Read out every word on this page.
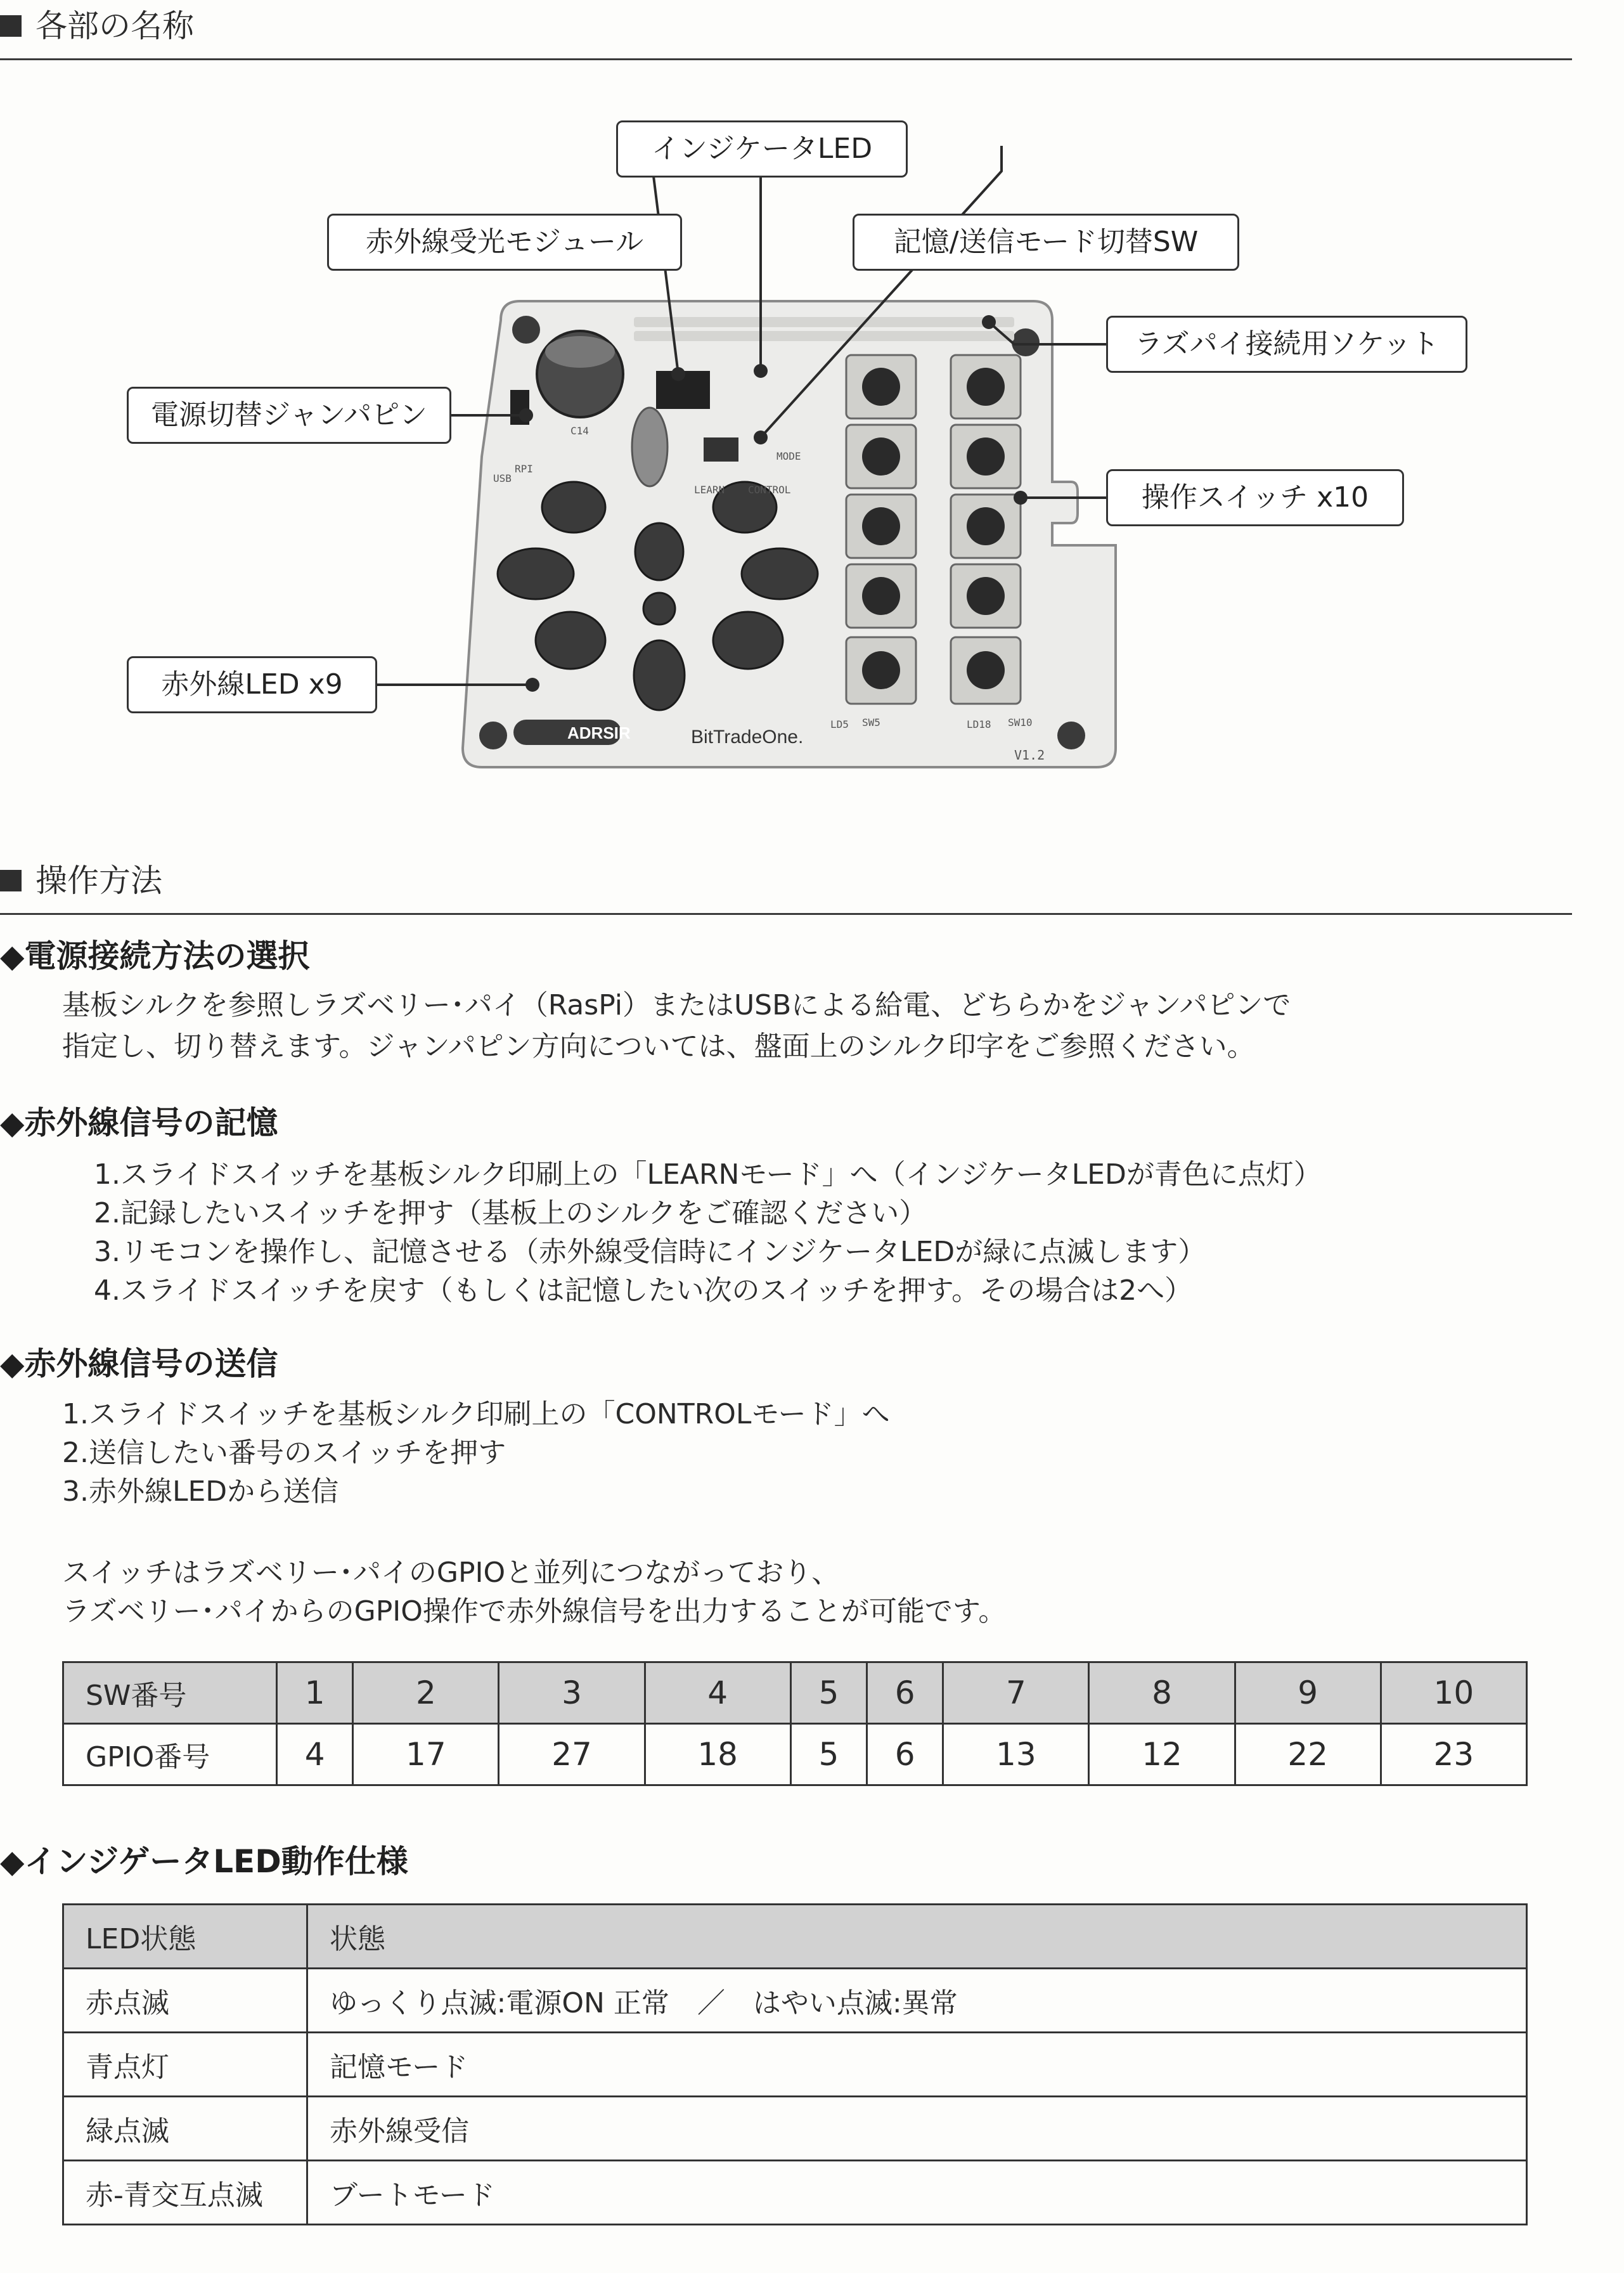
各部の名称
ADRSIR	BitTradeOne.
V1.2
MODE
CONTROL
LEARN
SW5	SW10
LD5	LD18
USB
RPI
C14
インジケータLED
赤外線受光モジュール	記憶/送信モード切替SW
ラズパイ接続用ソケット
電源切替ジャンパピン
操作スイッチ x10
赤外線LED x9
操作方法
◆電源接続方法の選択
基板シルクを参照しラズベリー･パイ（RasPi）またはUSBによる給電、どちらかをジャンパピンで
指定し、切り替えます。ジャンパピン方向については、盤面上のシルク印字をご参照ください。
◆赤外線信号の記憶
1.スライドスイッチを基板シルク印刷上の「LEARNモード」へ（インジケータLEDが青色に点灯）
2.記録したいスイッチを押す（基板上のシルクをご確認ください）
3.リモコンを操作し、記憶させる（赤外線受信時にインジケータLEDが緑に点滅します）
4.スライドスイッチを戻す（もしくは記憶したい次のスイッチを押す。その場合は2へ）
◆赤外線信号の送信
1.スライドスイッチを基板シルク印刷上の「CONTROLモード」へ
2.送信したい番号のスイッチを押す
3.赤外線LEDから送信
スイッチはラズベリー･パイのGPIOと並列につながっており、
ラズベリー･パイからのGPIO操作で赤外線信号を出力することが可能です。
SW番号	1	2	3	4	5	6	7	8	9	10
GPIO番号	4	17	27	18	5	6	13	12	22	23
◆インジゲータLED動作仕様
LED状態	状態
赤点滅	ゆっくり点滅:電源ON 正常　／　はやい点滅:異常
青点灯	記憶モード
緑点滅	赤外線受信
赤-青交互点滅	ブートモード
